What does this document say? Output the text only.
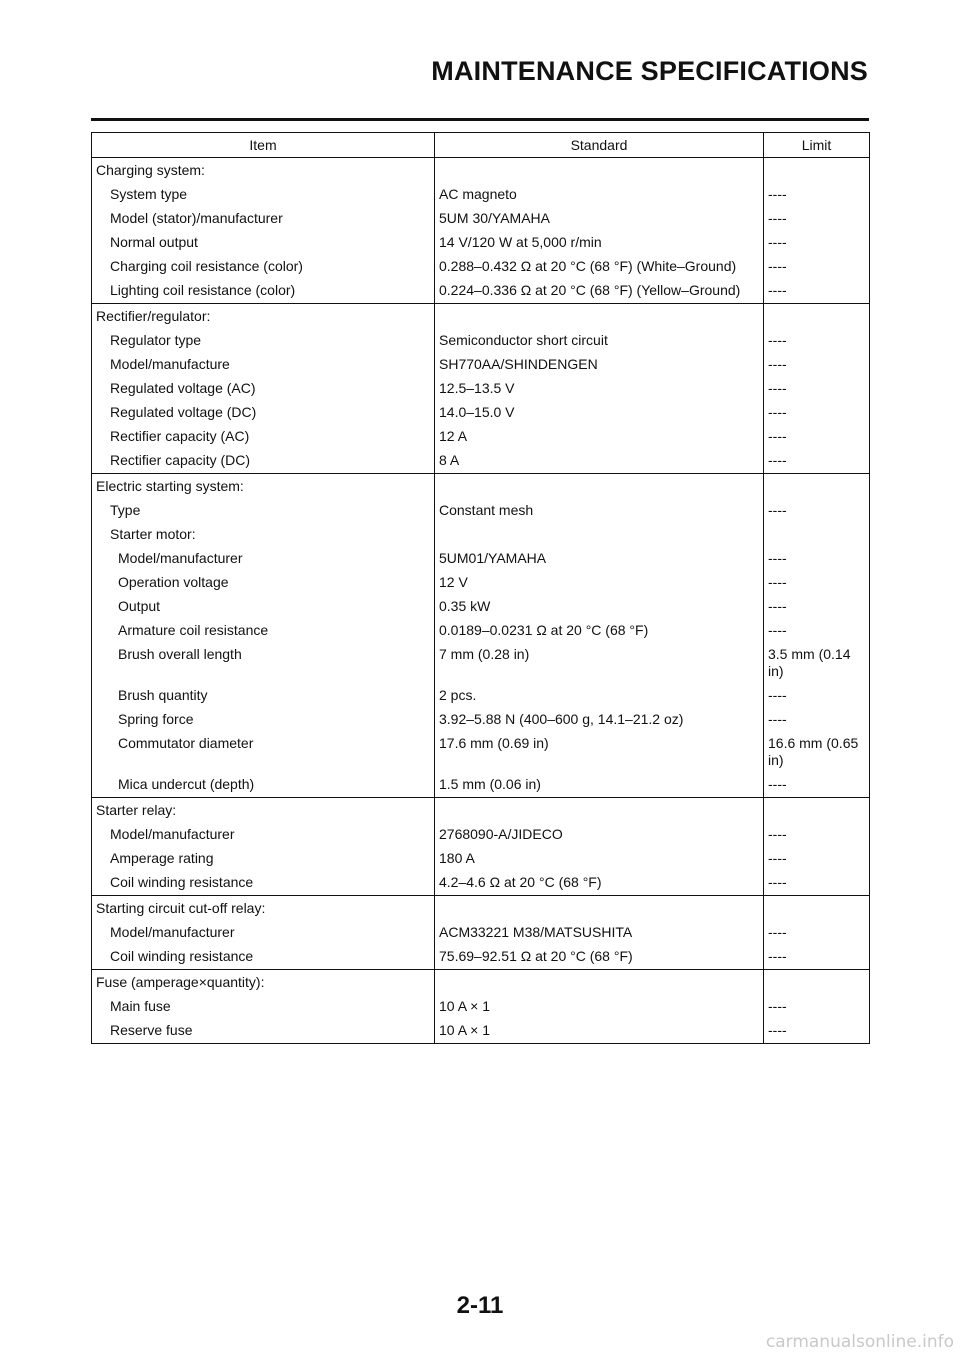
MAINTENANCE SPECIFICATIONS
Item	Standard	Limit
Charging system:		
System type	AC magneto	----
Model (stator)/manufacturer	5UM 30/YAMAHA	----
Normal output	14 V/120 W at 5,000 r/min	----
Charging coil resistance (color)	0.288–0.432 Ω at 20 °C (68 °F) (White–Ground)	----
Lighting coil resistance (color)	0.224–0.336 Ω at 20 °C (68 °F) (Yellow–Ground)	----
Rectifier/regulator:		
Regulator type	Semiconductor short circuit	----
Model/manufacture	SH770AA/SHINDENGEN	----
Regulated voltage (AC)	12.5–13.5 V	----
Regulated voltage (DC)	14.0–15.0 V	----
Rectifier capacity (AC)	12 A	----
Rectifier capacity (DC)	8 A	----
Electric starting system:		
Type	Constant mesh	----
Starter motor:		
Model/manufacturer	5UM01/YAMAHA	----
Operation voltage	12 V	----
Output	0.35 kW	----
Armature coil resistance	0.0189–0.0231 Ω at 20 °C (68 °F)	----
Brush overall length	7 mm (0.28 in)	3.5 mm (0.14 in)
Brush quantity	2 pcs.	----
Spring force	3.92–5.88 N (400–600 g, 14.1–21.2 oz)	----
Commutator diameter	17.6 mm (0.69 in)	16.6 mm (0.65 in)
Mica undercut (depth)	1.5 mm (0.06 in)	----
Starter relay:		
Model/manufacturer	2768090-A/JIDECO	----
Amperage rating	180 A	----
Coil winding resistance	4.2–4.6 Ω at 20 °C (68 °F)	----
Starting circuit cut-off relay:		
Model/manufacturer	ACM33221 M38/MATSUSHITA	----
Coil winding resistance	75.69–92.51 Ω at 20 °C (68 °F)	----
Fuse (amperage×quantity):		
Main fuse	10 A × 1	----
Reserve fuse	10 A × 1	----
2-11
carmanualsonline.info
